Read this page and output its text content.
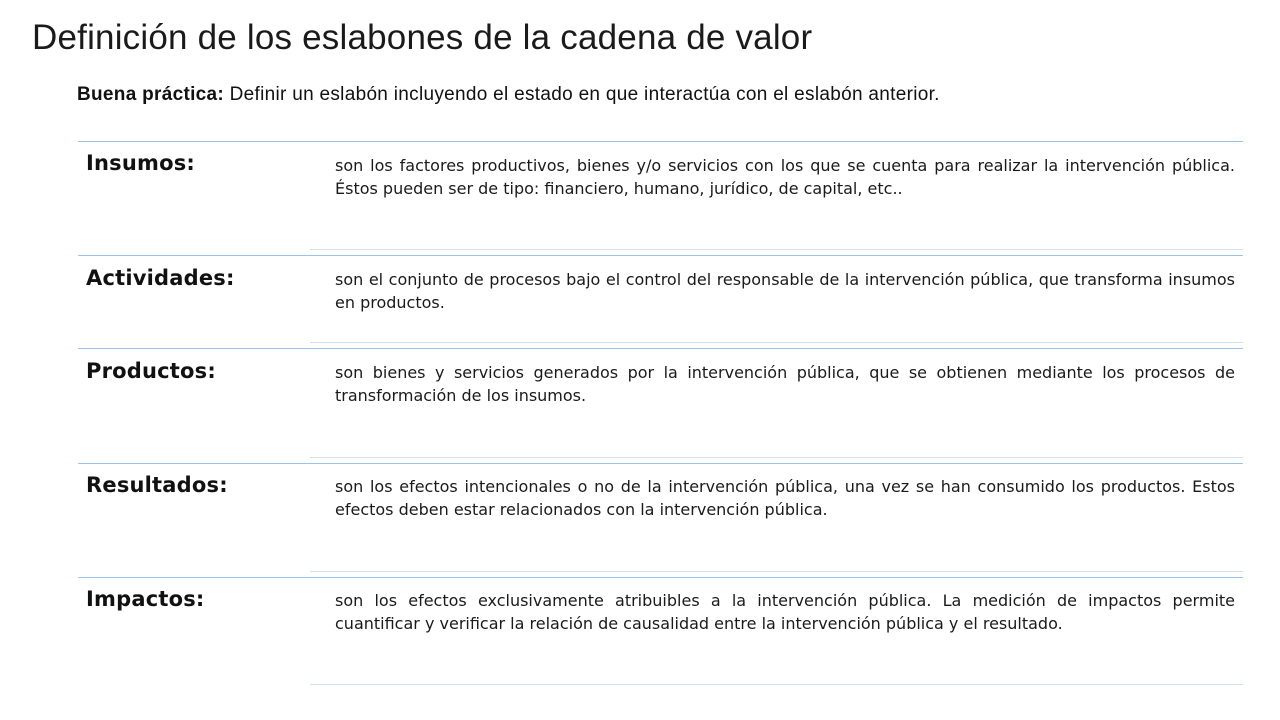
Definición de los eslabones de la cadena de valor
Buena práctica: Definir un eslabón incluyendo el estado en que interactúa con el eslabón anterior.
Insumos:	son los factores productivos, bienes y/o servicios con los que se cuenta para realizar la intervención pública. Éstos pueden ser de tipo: financiero, humano, jurídico, de capital, etc..
Actividades:	son el conjunto de procesos bajo el control del responsable de la intervención pública, que transforma insumos en productos.
Productos:	son bienes y servicios generados por la intervención pública, que se obtienen mediante los procesos de transformación de los insumos.
Resultados:	son los efectos intencionales o no de la intervención pública, una vez se han consumido los productos. Estos efectos deben estar relacionados con la intervención pública.
Impactos:	son los efectos exclusivamente atribuibles a la intervención pública. La medición de impactos permite cuantificar y verificar la relación de causalidad entre la intervención pública y el resultado.
